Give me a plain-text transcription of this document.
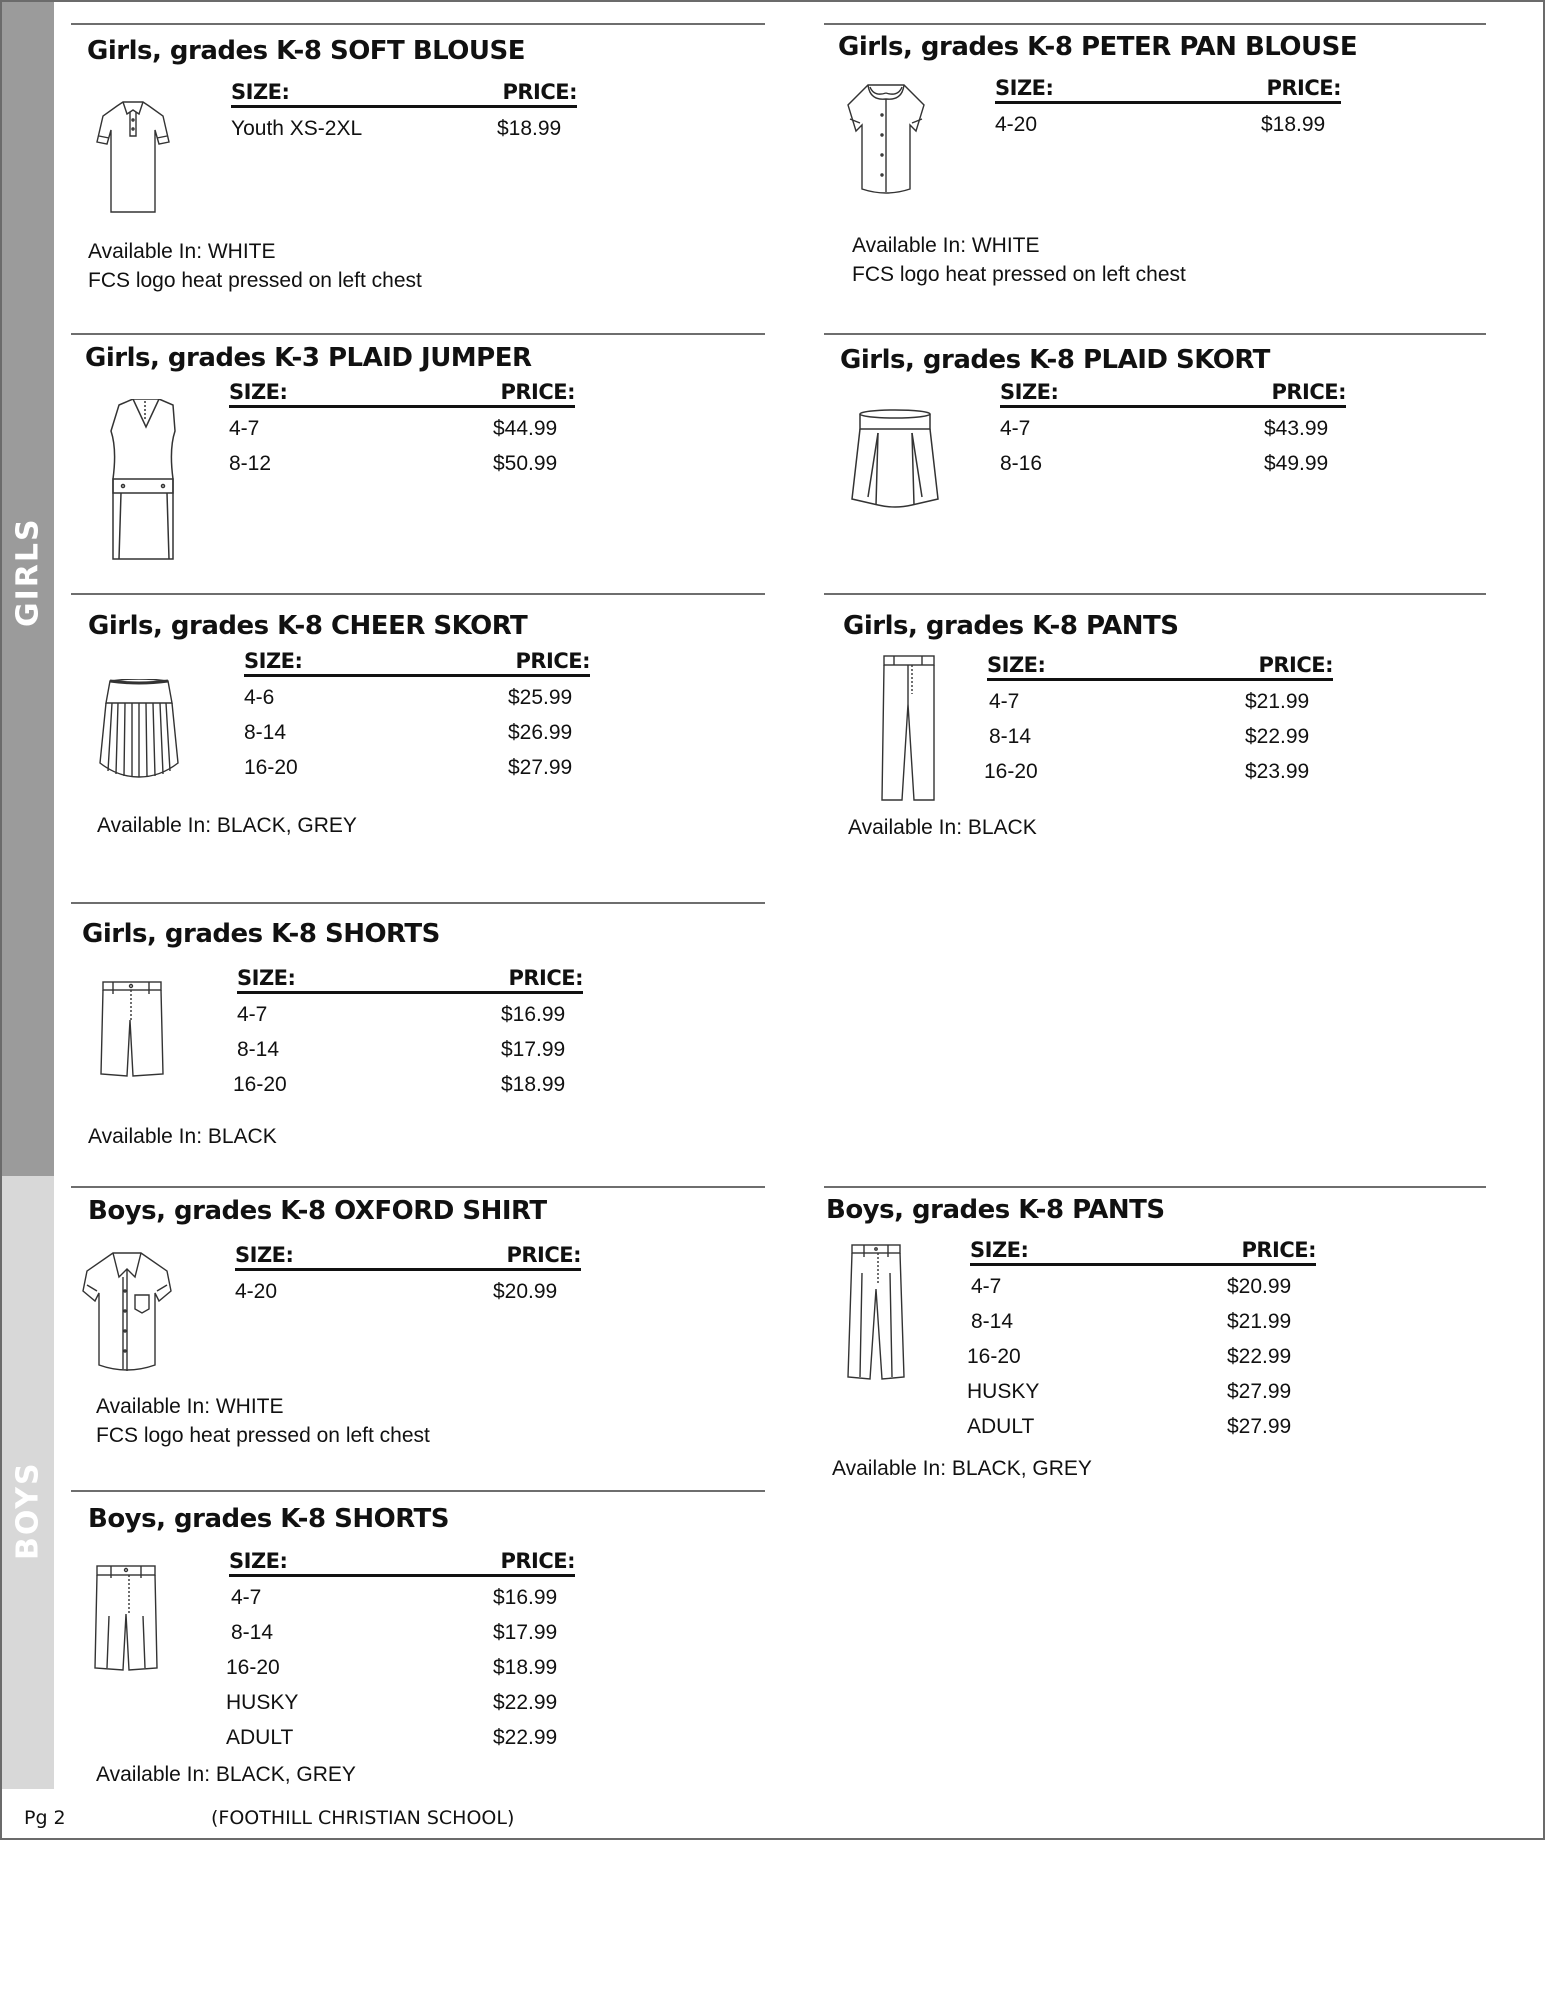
GIRLS
BOYS
Girls, grades K-8 SOFT BLOUSE
SIZE:	PRICE:
Youth XS-2XL	$18.99
Available In: WHITE
FCS logo heat pressed on left chest
Girls, grades K-8 PETER PAN BLOUSE
SIZE:	PRICE:
4-20	$18.99
Available In: WHITE
FCS logo heat pressed on left chest
Girls, grades K-3 PLAID JUMPER
SIZE:	PRICE:
4-7	$44.99
8-12	$50.99
Girls, grades K-8 PLAID SKORT
SIZE:	PRICE:
4-7	$43.99
8-16	$49.99
Girls, grades K-8 CHEER SKORT
SIZE:	PRICE:
4-6	$25.99
8-14	$26.99
16-20	$27.99
Available In: BLACK, GREY
Girls, grades K-8 PANTS
SIZE:	PRICE:
4-7	$21.99
8-14	$22.99
16-20	$23.99
Available In: BLACK
Girls, grades K-8 SHORTS
SIZE:	PRICE:
4-7	$16.99
8-14	$17.99
16-20	$18.99
Available In: BLACK
Boys, grades K-8 OXFORD SHIRT
SIZE:	PRICE:
4-20	$20.99
Available In: WHITE
FCS logo heat pressed on left chest
Boys, grades K-8 PANTS
SIZE:	PRICE:
4-7	$20.99
8-14	$21.99
16-20	$22.99
HUSKY	$27.99
ADULT	$27.99
Available In: BLACK, GREY
Boys, grades K-8 SHORTS
SIZE:	PRICE:
4-7	$16.99
8-14	$17.99
16-20	$18.99
HUSKY	$22.99
ADULT	$22.99
Available In: BLACK, GREY
Pg 2	(FOOTHILL CHRISTIAN SCHOOL)
